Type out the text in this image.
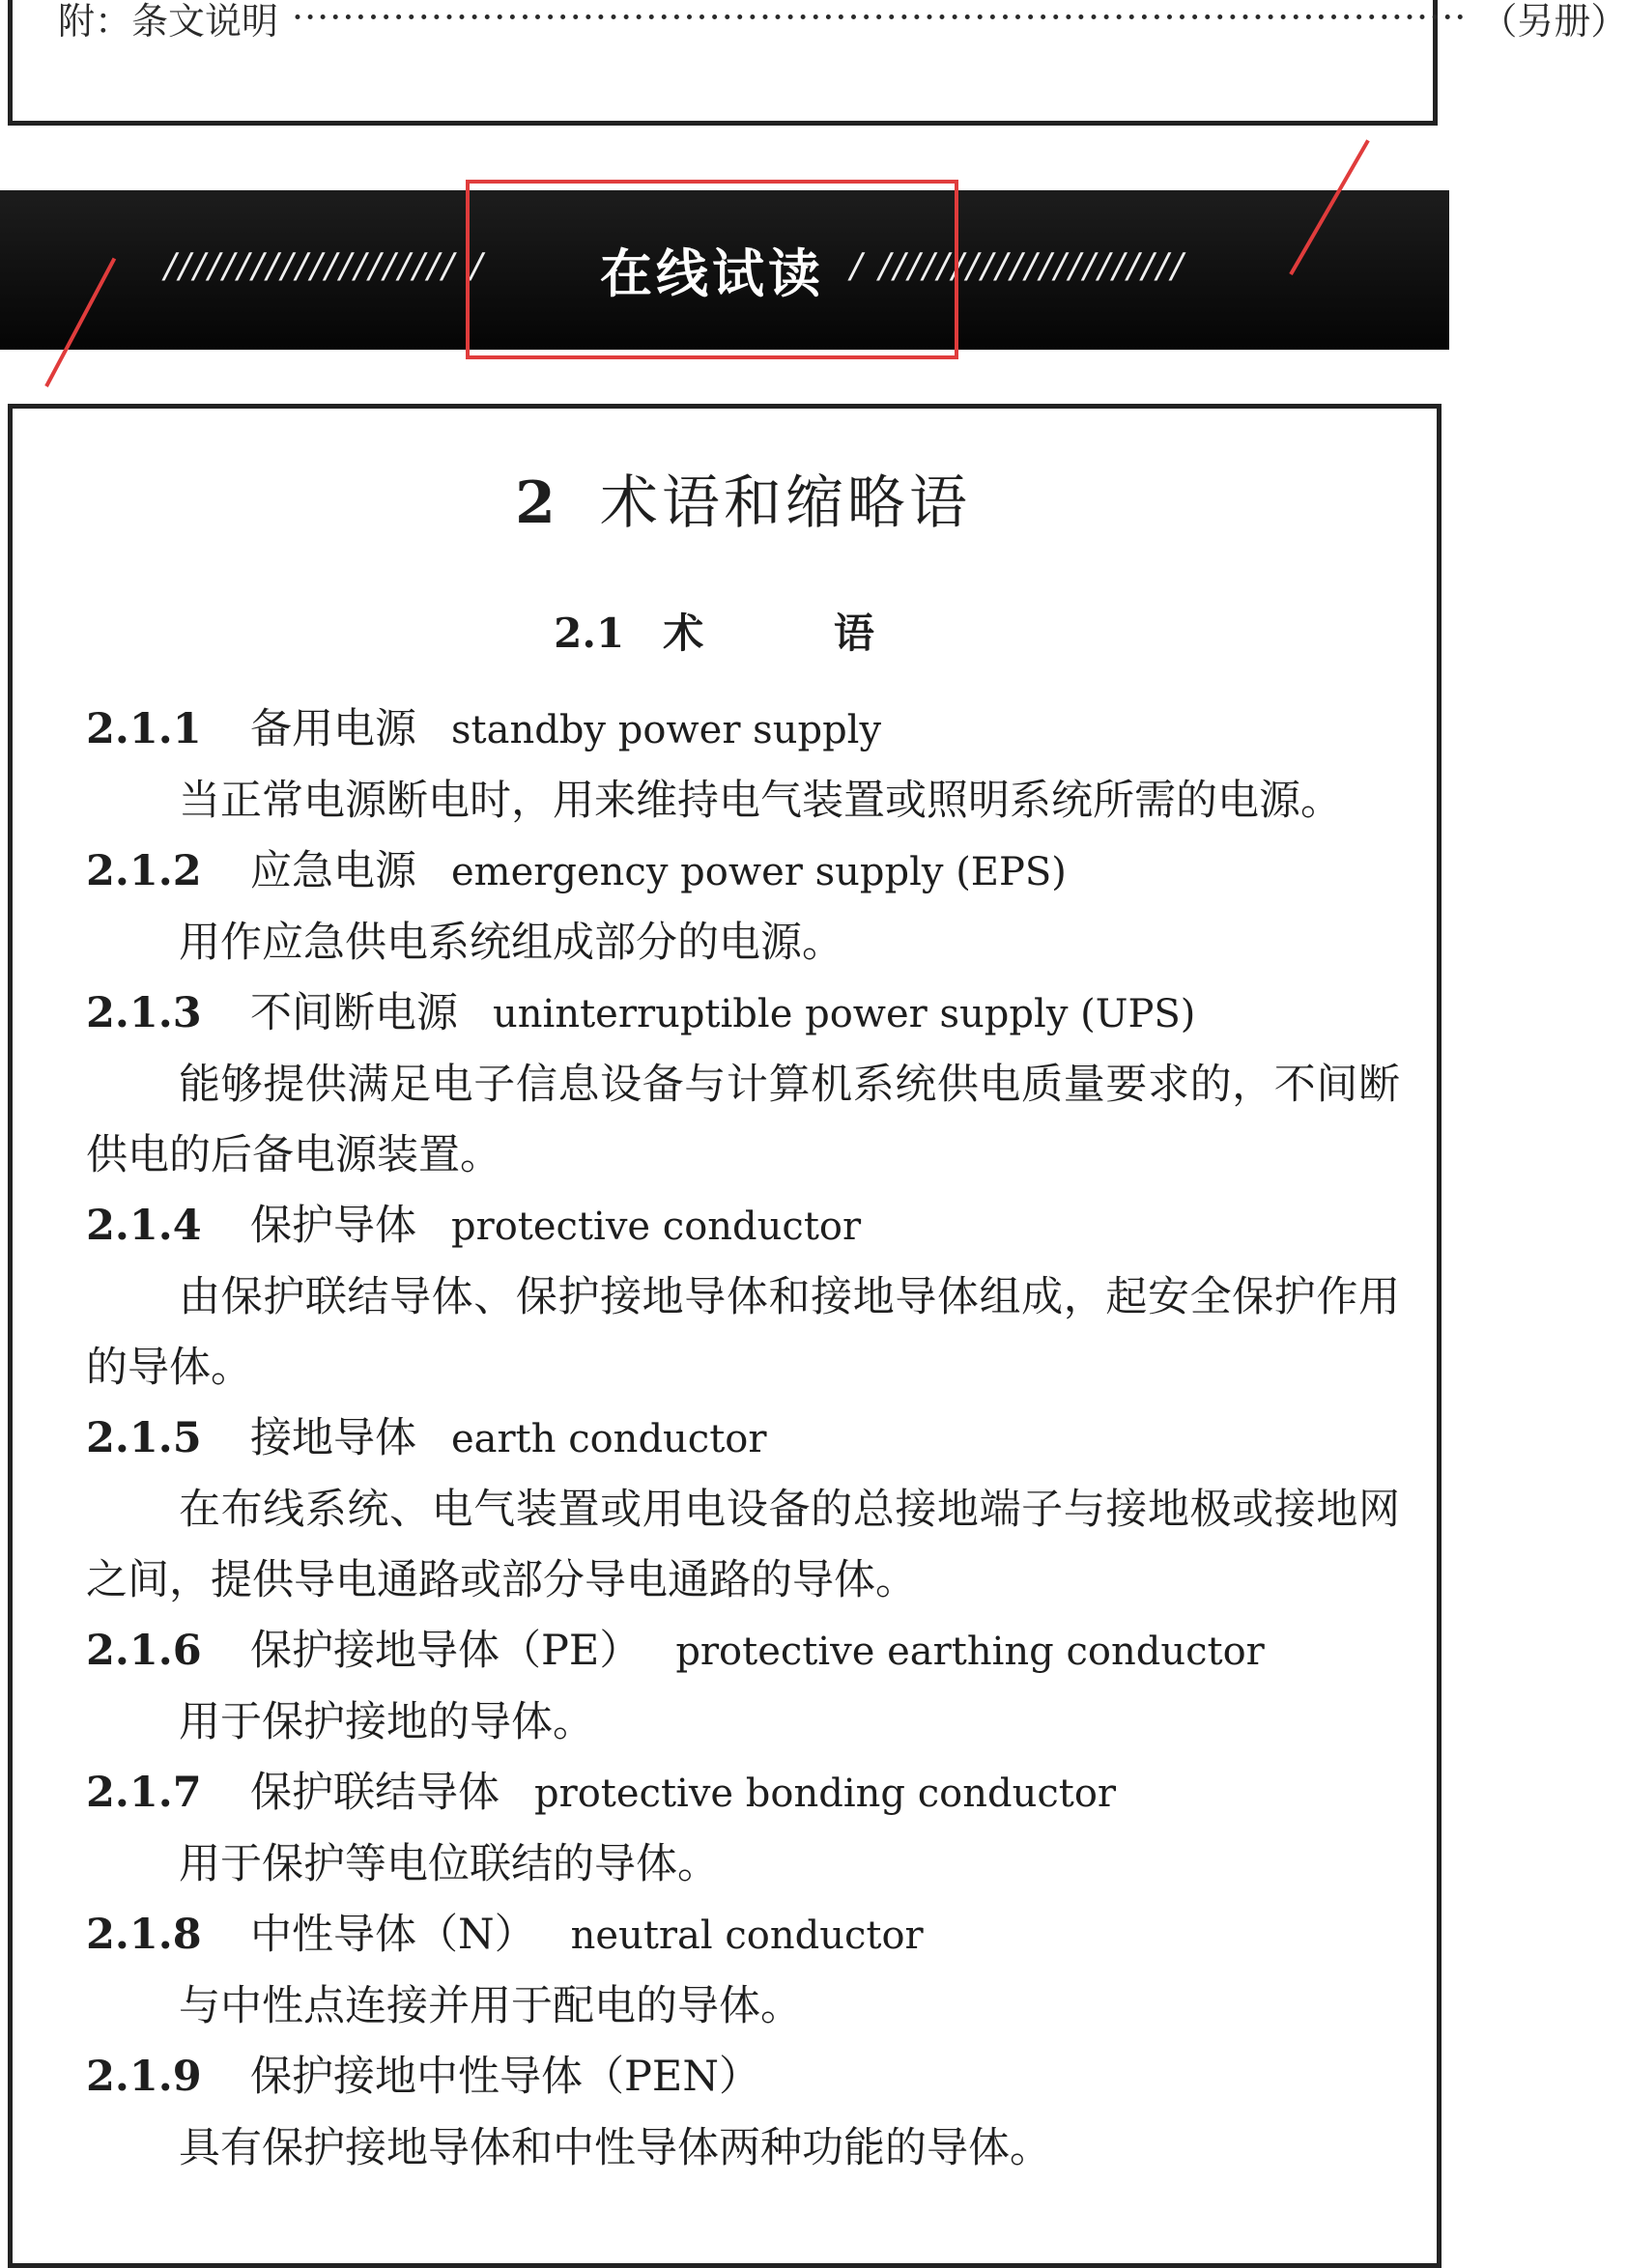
附：条文说明 ····························································································· （另册）
//////////////////// /	/ /////////////////////
在线试读
2 术语和缩略语
2.1 术 语
2.1.1 备用电源 standby power supply
当正常电源断电时，用来维持电气装置或照明系统所需的电源。
2.1.2 应急电源 emergency power supply (EPS)
用作应急供电系统组成部分的电源。
2.1.3 不间断电源 uninterruptible power supply (UPS)
能够提供满足电子信息设备与计算机系统供电质量要求的，不间断供电的后备电源装置。
2.1.4 保护导体 protective conductor
由保护联结导体、保护接地导体和接地导体组成，起安全保护作用的导体。
2.1.5 接地导体 earth conductor
在布线系统、电气装置或用电设备的总接地端子与接地极或接地网之间，提供导电通路或部分导电通路的导体。
2.1.6 保护接地导体（PE） protective earthing conductor
用于保护接地的导体。
2.1.7 保护联结导体 protective bonding conductor
用于保护等电位联结的导体。
2.1.8 中性导体（N） neutral conductor
与中性点连接并用于配电的导体。
2.1.9 保护接地中性导体（PEN）
具有保护接地导体和中性导体两种功能的导体。
